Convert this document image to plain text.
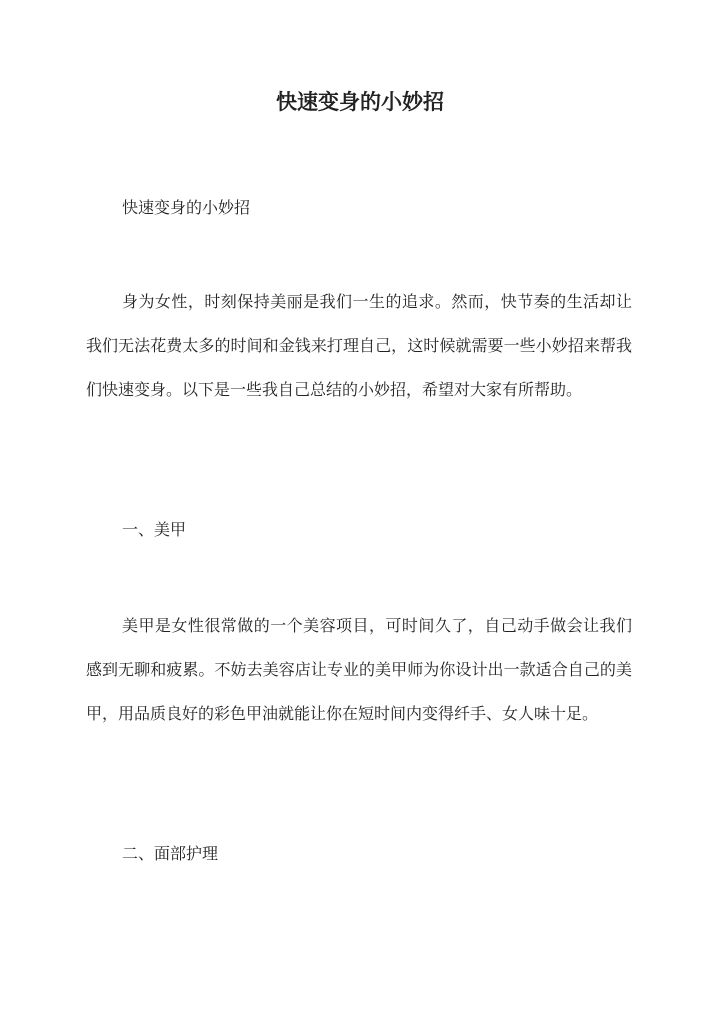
快速变身的小妙招

快速变身的小妙招

身为女性，时刻保持美丽是我们一生的追求。然而，快节奏的生活却让我们无法花费太多的时间和金钱来打理自己，这时候就需要一些小妙招来帮我们快速变身。以下是一些我自己总结的小妙招，希望对大家有所帮助。

一、美甲

美甲是女性很常做的一个美容项目，可时间久了，自己动手做会让我们感到无聊和疲累。不妨去美容店让专业的美甲师为你设计出一款适合自己的美甲，用品质良好的彩色甲油就能让你在短时间内变得纤手、女人味十足。

二、面部护理
